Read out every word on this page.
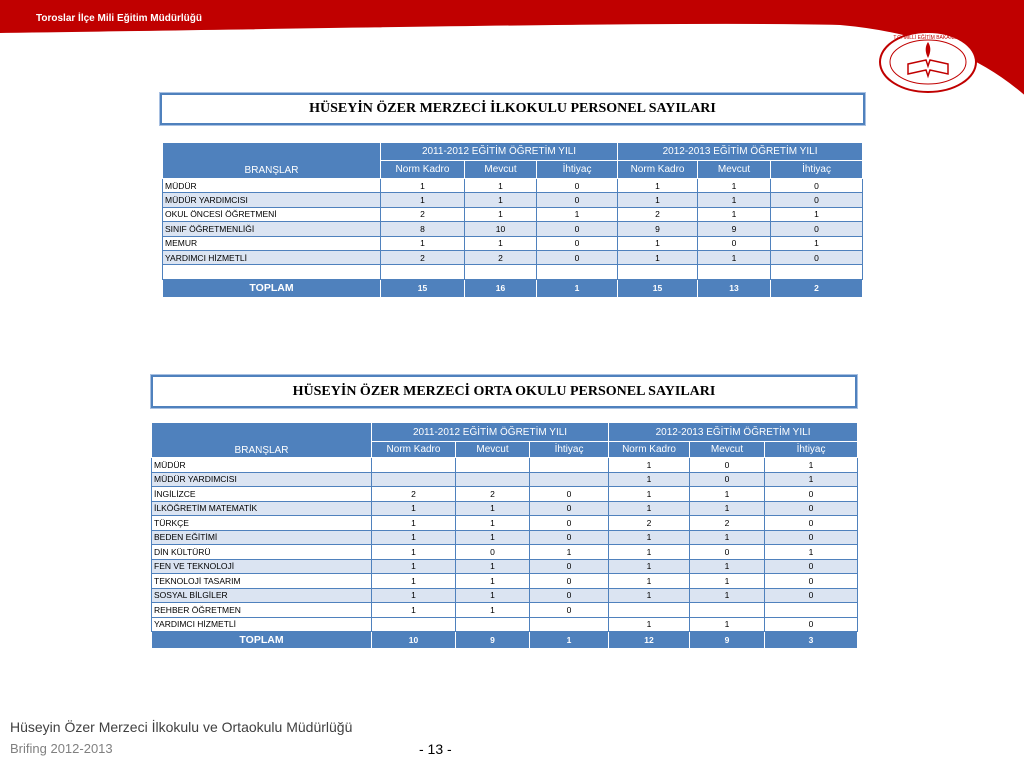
Toroslar İlçe Mili Eğitim Müdürlüğü
T.C. MİLLİ EĞİTİM BAKANLIĞI
HÜSEYİN ÖZER MERZECİ İLKOKULU PERSONEL SAYILARI
BRANŞLAR	2011-2012 EĞİTİM ÖĞRETİM YILI			2012-2013 EĞİTİM ÖĞRETİM YILI		
	Norm Kadro	Mevcut	İhtiyaç	Norm Kadro	Mevcut	İhtiyaç
MÜDÜR	1	1	0	1	1	0
MÜDÜR YARDIMCISI	1	1	0	1	1	0
OKUL ÖNCESİ ÖĞRETMENİ	2	1	1	2	1	1
SINIF ÖĞRETMENLİĞİ	8	10	0	9	9	0
MEMUR	1	1	0	1	0	1
YARDIMCI HİZMETLİ	2	2	0	1	1	0

TOPLAM	15	16	1	15	13	2
HÜSEYİN ÖZER MERZECİ ORTA OKULU PERSONEL SAYILARI
BRANŞLAR	2011-2012 EĞİTİM ÖĞRETİM YILI			2012-2013 EĞİTİM ÖĞRETİM YILI		
	Norm Kadro	Mevcut	İhtiyaç	Norm Kadro	Mevcut	İhtiyaç
MÜDÜR				1	0	1
MÜDÜR YARDIMCISI				1	0	1
İNGİLİZCE	2	2	0	1	1	0
İLKÖĞRETİM MATEMATİK	1	1	0	1	1	0
TÜRKÇE	1	1	0	2	2	0
BEDEN EĞİTİMİ	1	1	0	1	1	0
DİN KÜLTÜRÜ	1	0	1	1	0	1
FEN VE TEKNOLOJİ	1	1	0	1	1	0
TEKNOLOJİ TASARIM	1	1	0	1	1	0
SOSYAL BİLGİLER	1	1	0	1	1	0
REHBER ÖĞRETMEN	1	1	0			
YARDIMCI HİZMETLİ				1	1	0
TOPLAM	10	9	1	12	9	3
Hüseyin Özer Merzeci İlkokulu ve Ortaokulu Müdürlüğü
Brifing 2012-2013	- 13 -
